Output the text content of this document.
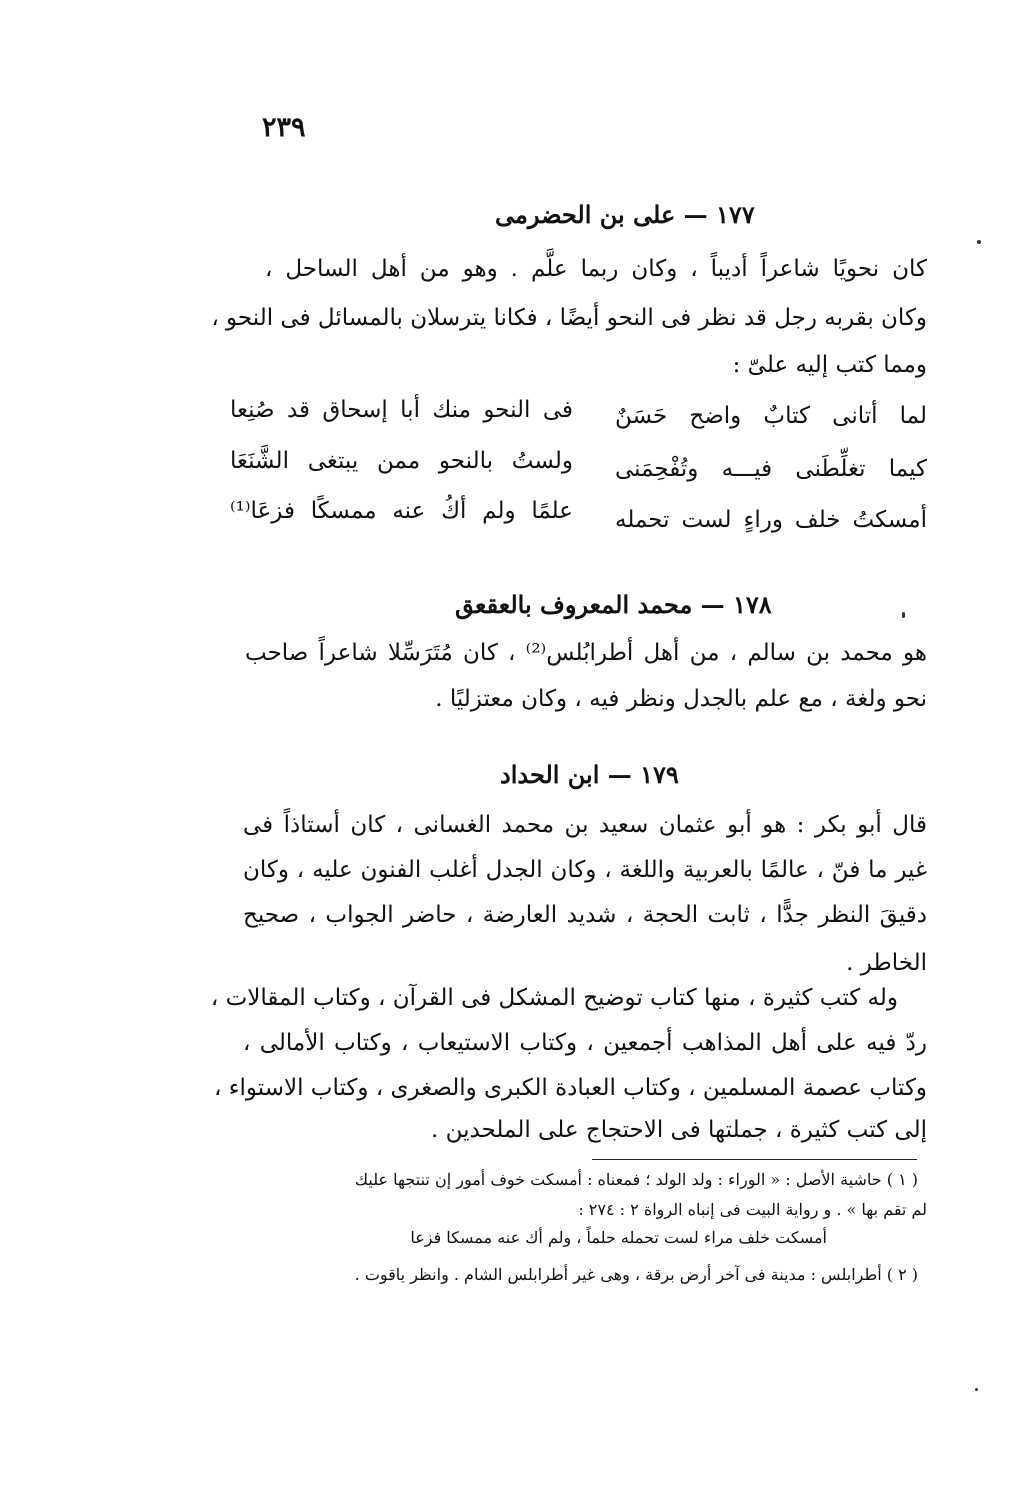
٢٣٩
١٧٧ — على بن الحضرمى
كان نحويًا شاعراً أديباً ، وكان ربما علَّم . وهو من أهل الساحل ،
وكان بقربه رجل قد نظر فى النحو أيضًا ، فكانا يترسلان بالمسائل فى النحو ،
ومما كتب إليه علىّ :
لما أتانى كتابٌ واضح حَسَنٌ
فى النحو منك أبا إسحاق قد صُنِعا
كيما تغلِّطَنى فيـــه وتُفْحِمَنى
ولستُ بالنحو ممن يبتغى الشَّنَعَا
أمسكتُ خلف وراءٍ لست تحمله
علمًا ولم أكُ عنه ممسكًا فزعَا⁽¹⁾
١٧٨ — محمد المعروف بالعقعق
هو محمد بن سالم ، من أهل أطرابُلس⁽²⁾ ، كان مُتَرَسِّلا شاعراً صاحب
نحو ولغة ، مع علم بالجدل ونظر فيه ، وكان معتزليًا .
١٧٩ — ابن الحداد
قال أبو بكر : هو أبو عثمان سعيد بن محمد الغسانى ، كان أستاذاً فى
غير ما فنّ ، عالمًا بالعربية واللغة ، وكان الجدل أغلب الفنون عليه ، وكان
دقيقَ النظر جدًّا ، ثابت الحجة ، شديد العارضة ، حاضر الجواب ، صحيح
الخاطر .
وله كتب كثيرة ، منها كتاب توضيح المشكل فى القرآن ، وكتاب المقالات ،
ردّ فيه على أهل المذاهب أجمعين ، وكتاب الاستيعاب ، وكتاب الأمالى ،
وكتاب عصمة المسلمين ، وكتاب العبادة الكبرى والصغرى ، وكتاب الاستواء ،
إلى كتب كثيرة ، جملتها فى الاحتجاج على الملحدين .
( ١ ) حاشية الأصل : « الوراء : ولد الولد ؛ فمعناه : أمسكت خوف أمور إن تنتجها عليك
لم تقم بها » . و رواية البيت فى إنباه الرواة ٢ : ٢٧٤ :
أمسكت خلف مراء لست تحمله حلماً ، ولم أك عنه ممسكا فزعا
( ٢ ) أطرابلس : مدينة فى آخر أرض برقة ، وهى غير أطرابلس الشام . وانظر ياقوت .
